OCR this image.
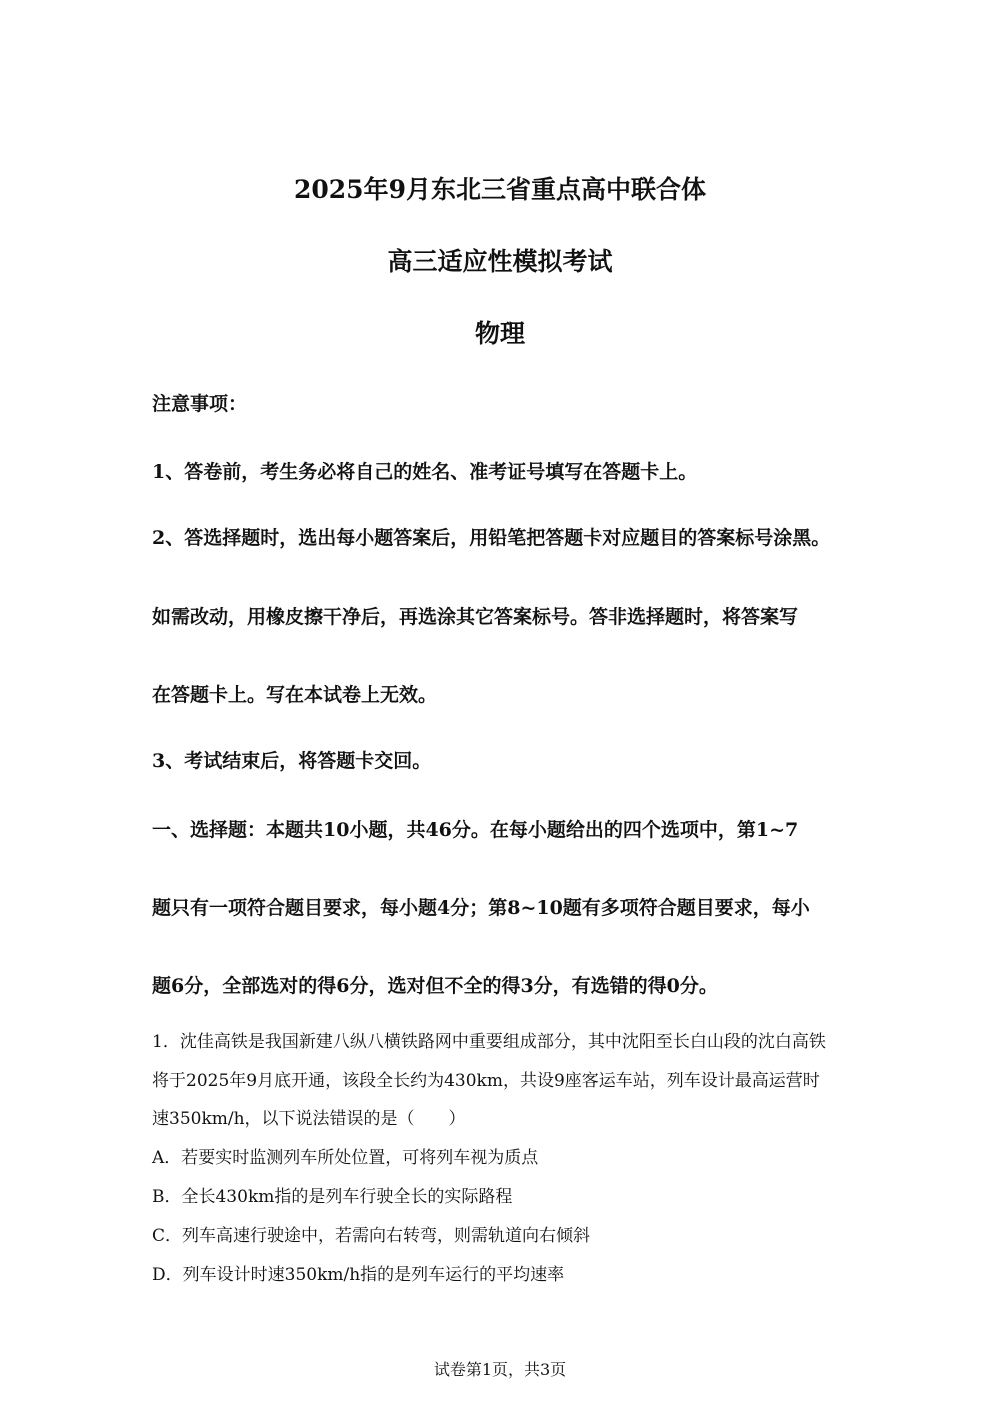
2025年9月东北三省重点高中联合体
高三适应性模拟考试
物理
注意事项：
1、答卷前，考生务必将自己的姓名、准考证号填写在答题卡上。
2、答选择题时，选出每小题答案后，用铅笔把答题卡对应题目的答案标号涂黑。
如需改动，用橡皮擦干净后，再选涂其它答案标号。答非选择题时，将答案写
在答题卡上。写在本试卷上无效。
3、考试结束后，将答题卡交回。
一、选择题：本题共10小题，共46分。在每小题给出的四个选项中，第1~7
题只有一项符合题目要求，每小题4分；第8~10题有多项符合题目要求，每小
题6分，全部选对的得6分，选对但不全的得3分，有选错的得0分。
1．沈佳高铁是我国新建八纵八横铁路网中重要组成部分，其中沈阳至长白山段的沈白高铁
将于2025年9月底开通，该段全长约为430km，共设9座客运车站，列车设计最高运营时
速350km/h，以下说法错误的是（　　）
A．若要实时监测列车所处位置，可将列车视为质点
B．全长430km指的是列车行驶全长的实际路程
C．列车高速行驶途中，若需向右转弯，则需轨道向右倾斜
D．列车设计时速350km/h指的是列车运行的平均速率
试卷第1页，共3页
